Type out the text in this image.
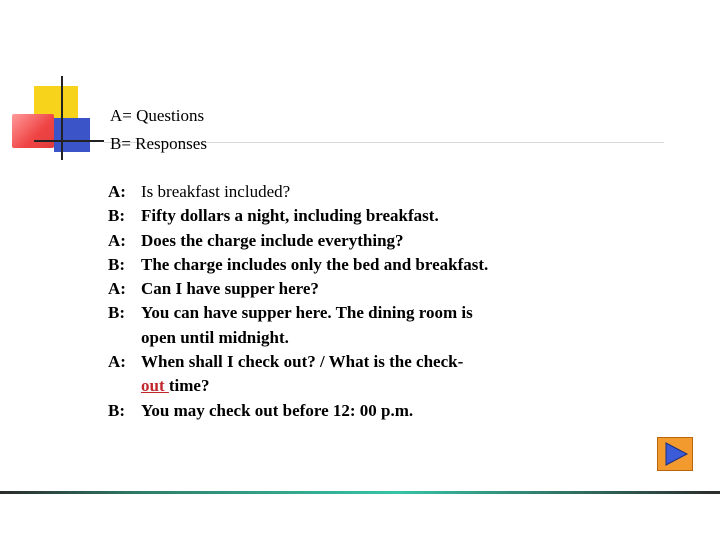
A= Questions
B= Responses
A: Is breakfast included?
B: Fifty dollars a night, including breakfast.
A: Does the charge include everything?
B: The charge includes only the bed and breakfast.
A: Can I have supper here?
B: You can have supper here. The dining room is
open until midnight.
A: When shall I check out? / What is the check-
out time?
B: You may check out before 12: 00 p.m.
